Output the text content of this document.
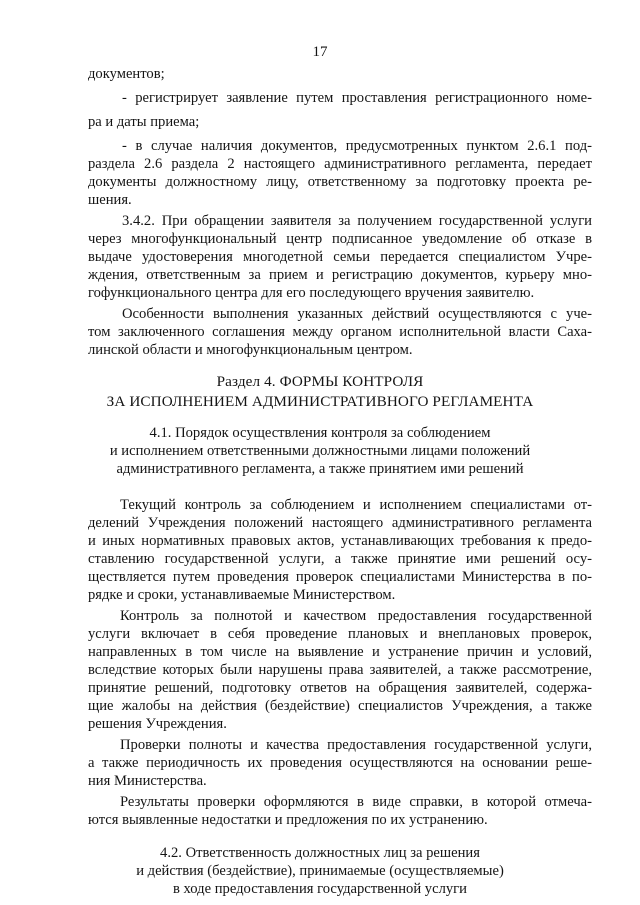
17
документов;
- регистрирует заявление путем проставления регистрационного номе-
ра и даты приема;
- в случае наличия документов, предусмотренных пунктом 2.6.1 под-
раздела 2.6 раздела 2 настоящего административного регламента, передает
документы должностному лицу, ответственному за подготовку проекта ре-
шения.
3.4.2. При обращении заявителя за получением государственной услуги
через многофункциональный центр подписанное уведомление об отказе в
выдаче удостоверения многодетной семьи передается специалистом Учре-
ждения, ответственным за прием и регистрацию документов, курьеру мно-
гофункционального центра для его последующего вручения заявителю.
Особенности выполнения указанных действий осуществляются с уче-
том заключенного соглашения между органом исполнительной власти Саха-
линской области и многофункциональным центром.
Раздел 4. ФОРМЫ КОНТРОЛЯ
ЗА ИСПОЛНЕНИЕМ АДМИНИСТРАТИВНОГО РЕГЛАМЕНТА
4.1. Порядок осуществления контроля за соблюдением
и исполнением ответственными должностными лицами положений
административного регламента, а также принятием ими решений
Текущий контроль за соблюдением и исполнением специалистами от-
делений Учреждения положений настоящего административного регламента
и иных нормативных правовых актов, устанавливающих требования к предо-
ставлению государственной услуги, а также принятие ими решений осу-
ществляется путем проведения проверок специалистами Министерства в по-
рядке и сроки, устанавливаемые Министерством.
Контроль за полнотой и качеством предоставления государственной
услуги включает в себя проведение плановых и внеплановых проверок,
направленных в том числе на выявление и устранение причин и условий,
вследствие которых были нарушены права заявителей, а также рассмотрение,
принятие решений, подготовку ответов на обращения заявителей, содержа-
щие жалобы на действия (бездействие) специалистов Учреждения, а также
решения Учреждения.
Проверки полноты и качества предоставления государственной услуги,
а также периодичность их проведения осуществляются на основании реше-
ния Министерства.
Результаты проверки оформляются в виде справки, в которой отмеча-
ются выявленные недостатки и предложения по их устранению.
4.2. Ответственность должностных лиц за решения
и действия (бездействие), принимаемые (осуществляемые)
в ходе предоставления государственной услуги
